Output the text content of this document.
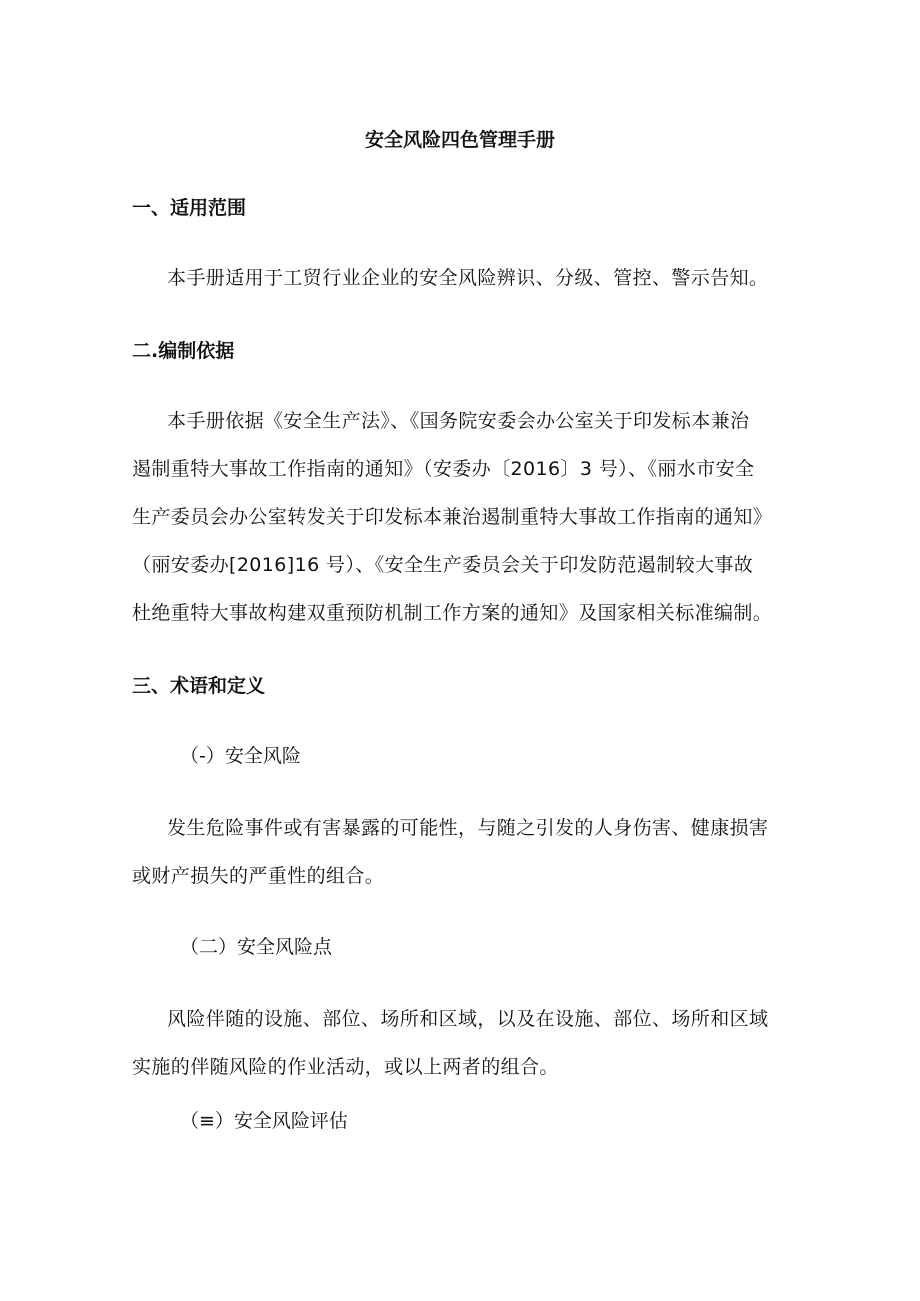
安全风险四色管理手册
一、适用范围
本手册适用于工贸行业企业的安全风险辨识、分级、管控、警示告知。
二.编制依据
本手册依据《安全生产法》、《国务院安委会办公室关于印发标本兼治
遏制重特大事故工作指南的通知》（安委办〔2016〕3 号）、《丽水市安全
生产委员会办公室转发关于印发标本兼治遏制重特大事故工作指南的通知》
（丽安委办[2016]16 号）、《安全生产委员会关于印发防范遏制较大事故
杜绝重特大事故构建双重预防机制工作方案的通知》及国家相关标准编制。
三、术语和定义
（-）安全风险
发生危险事件或有害暴露的可能性，与随之引发的人身伤害、健康损害
或财产损失的严重性的组合。
（二）安全风险点
风险伴随的设施、部位、场所和区域，以及在设施、部位、场所和区域
实施的伴随风险的作业活动，或以上两者的组合。
（≡）安全风险评估
